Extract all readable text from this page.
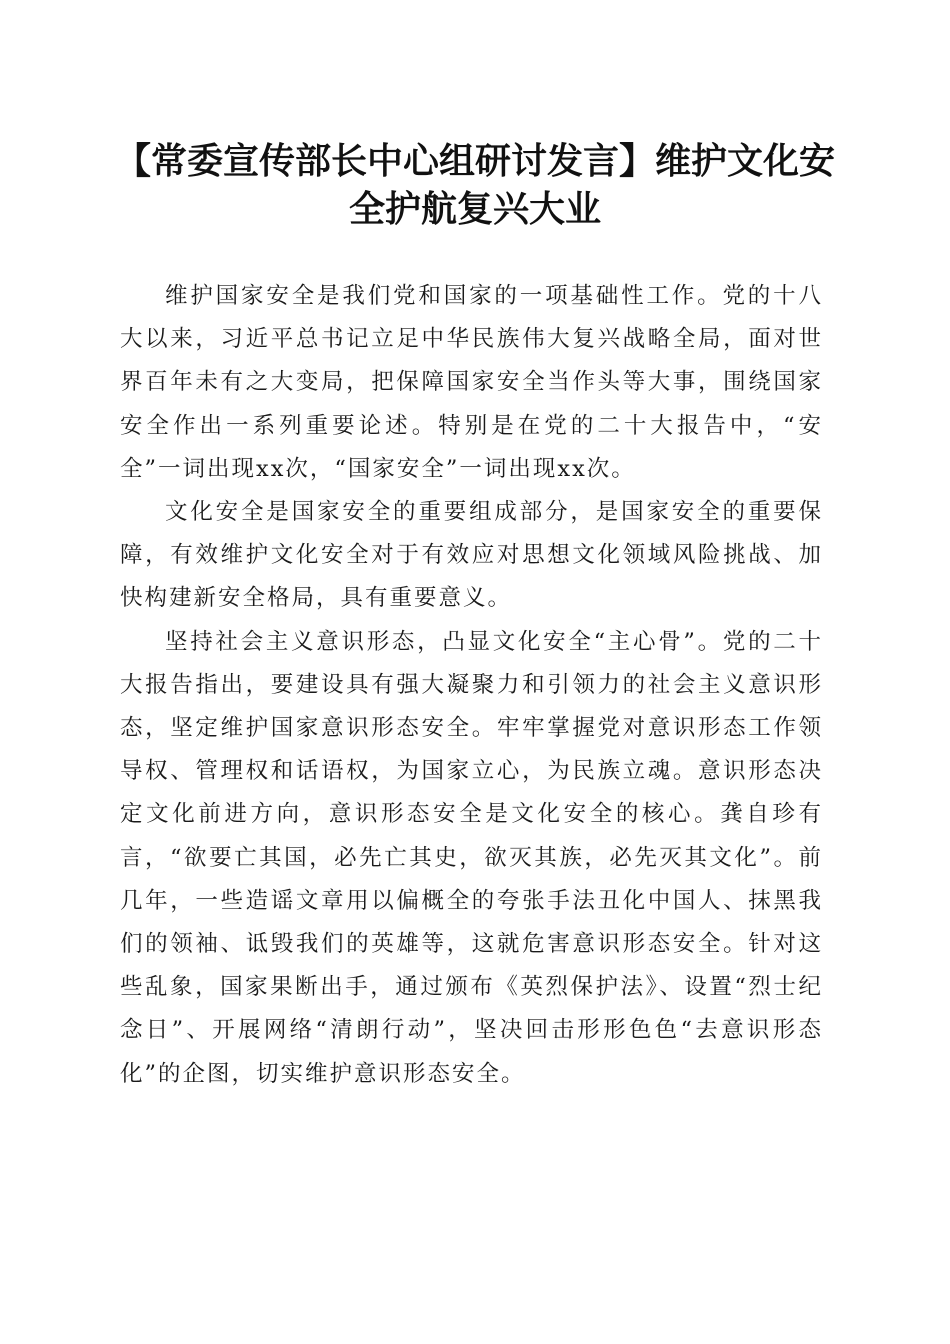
【常委宣传部长中心组研讨发言】维护文化安
全护航复兴大业

维护国家安全是我们党和国家的一项基础性工作。党的十八大以来，习近平总书记立足中华民族伟大复兴战略全局，面对世界百年未有之大变局，把保障国家安全当作头等大事，围绕国家安全作出一系列重要论述。特别是在党的二十大报告中，“安全”一词出现xx次，“国家安全”一词出现xx次。

文化安全是国家安全的重要组成部分，是国家安全的重要保障，有效维护文化安全对于有效应对思想文化领域风险挑战、加快构建新安全格局，具有重要意义。

坚持社会主义意识形态，凸显文化安全“主心骨”。党的二十大报告指出，要建设具有强大凝聚力和引领力的社会主义意识形态，坚定维护国家意识形态安全。牢牢掌握党对意识形态工作领导权、管理权和话语权，为国家立心，为民族立魂。意识形态决定文化前进方向，意识形态安全是文化安全的核心。龚自珍有言，“欲要亡其国，必先亡其史，欲灭其族，必先灭其文化”。前几年，一些造谣文章用以偏概全的夸张手法丑化中国人、抹黑我们的领袖、诋毁我们的英雄等，这就危害意识形态安全。针对这些乱象，国家果断出手，通过颁布《英烈保护法》、设置“烈士纪念日”、开展网络“清朗行动”，坚决回击形形色色“去意识形态化”的企图，切实维护意识形态安全。
